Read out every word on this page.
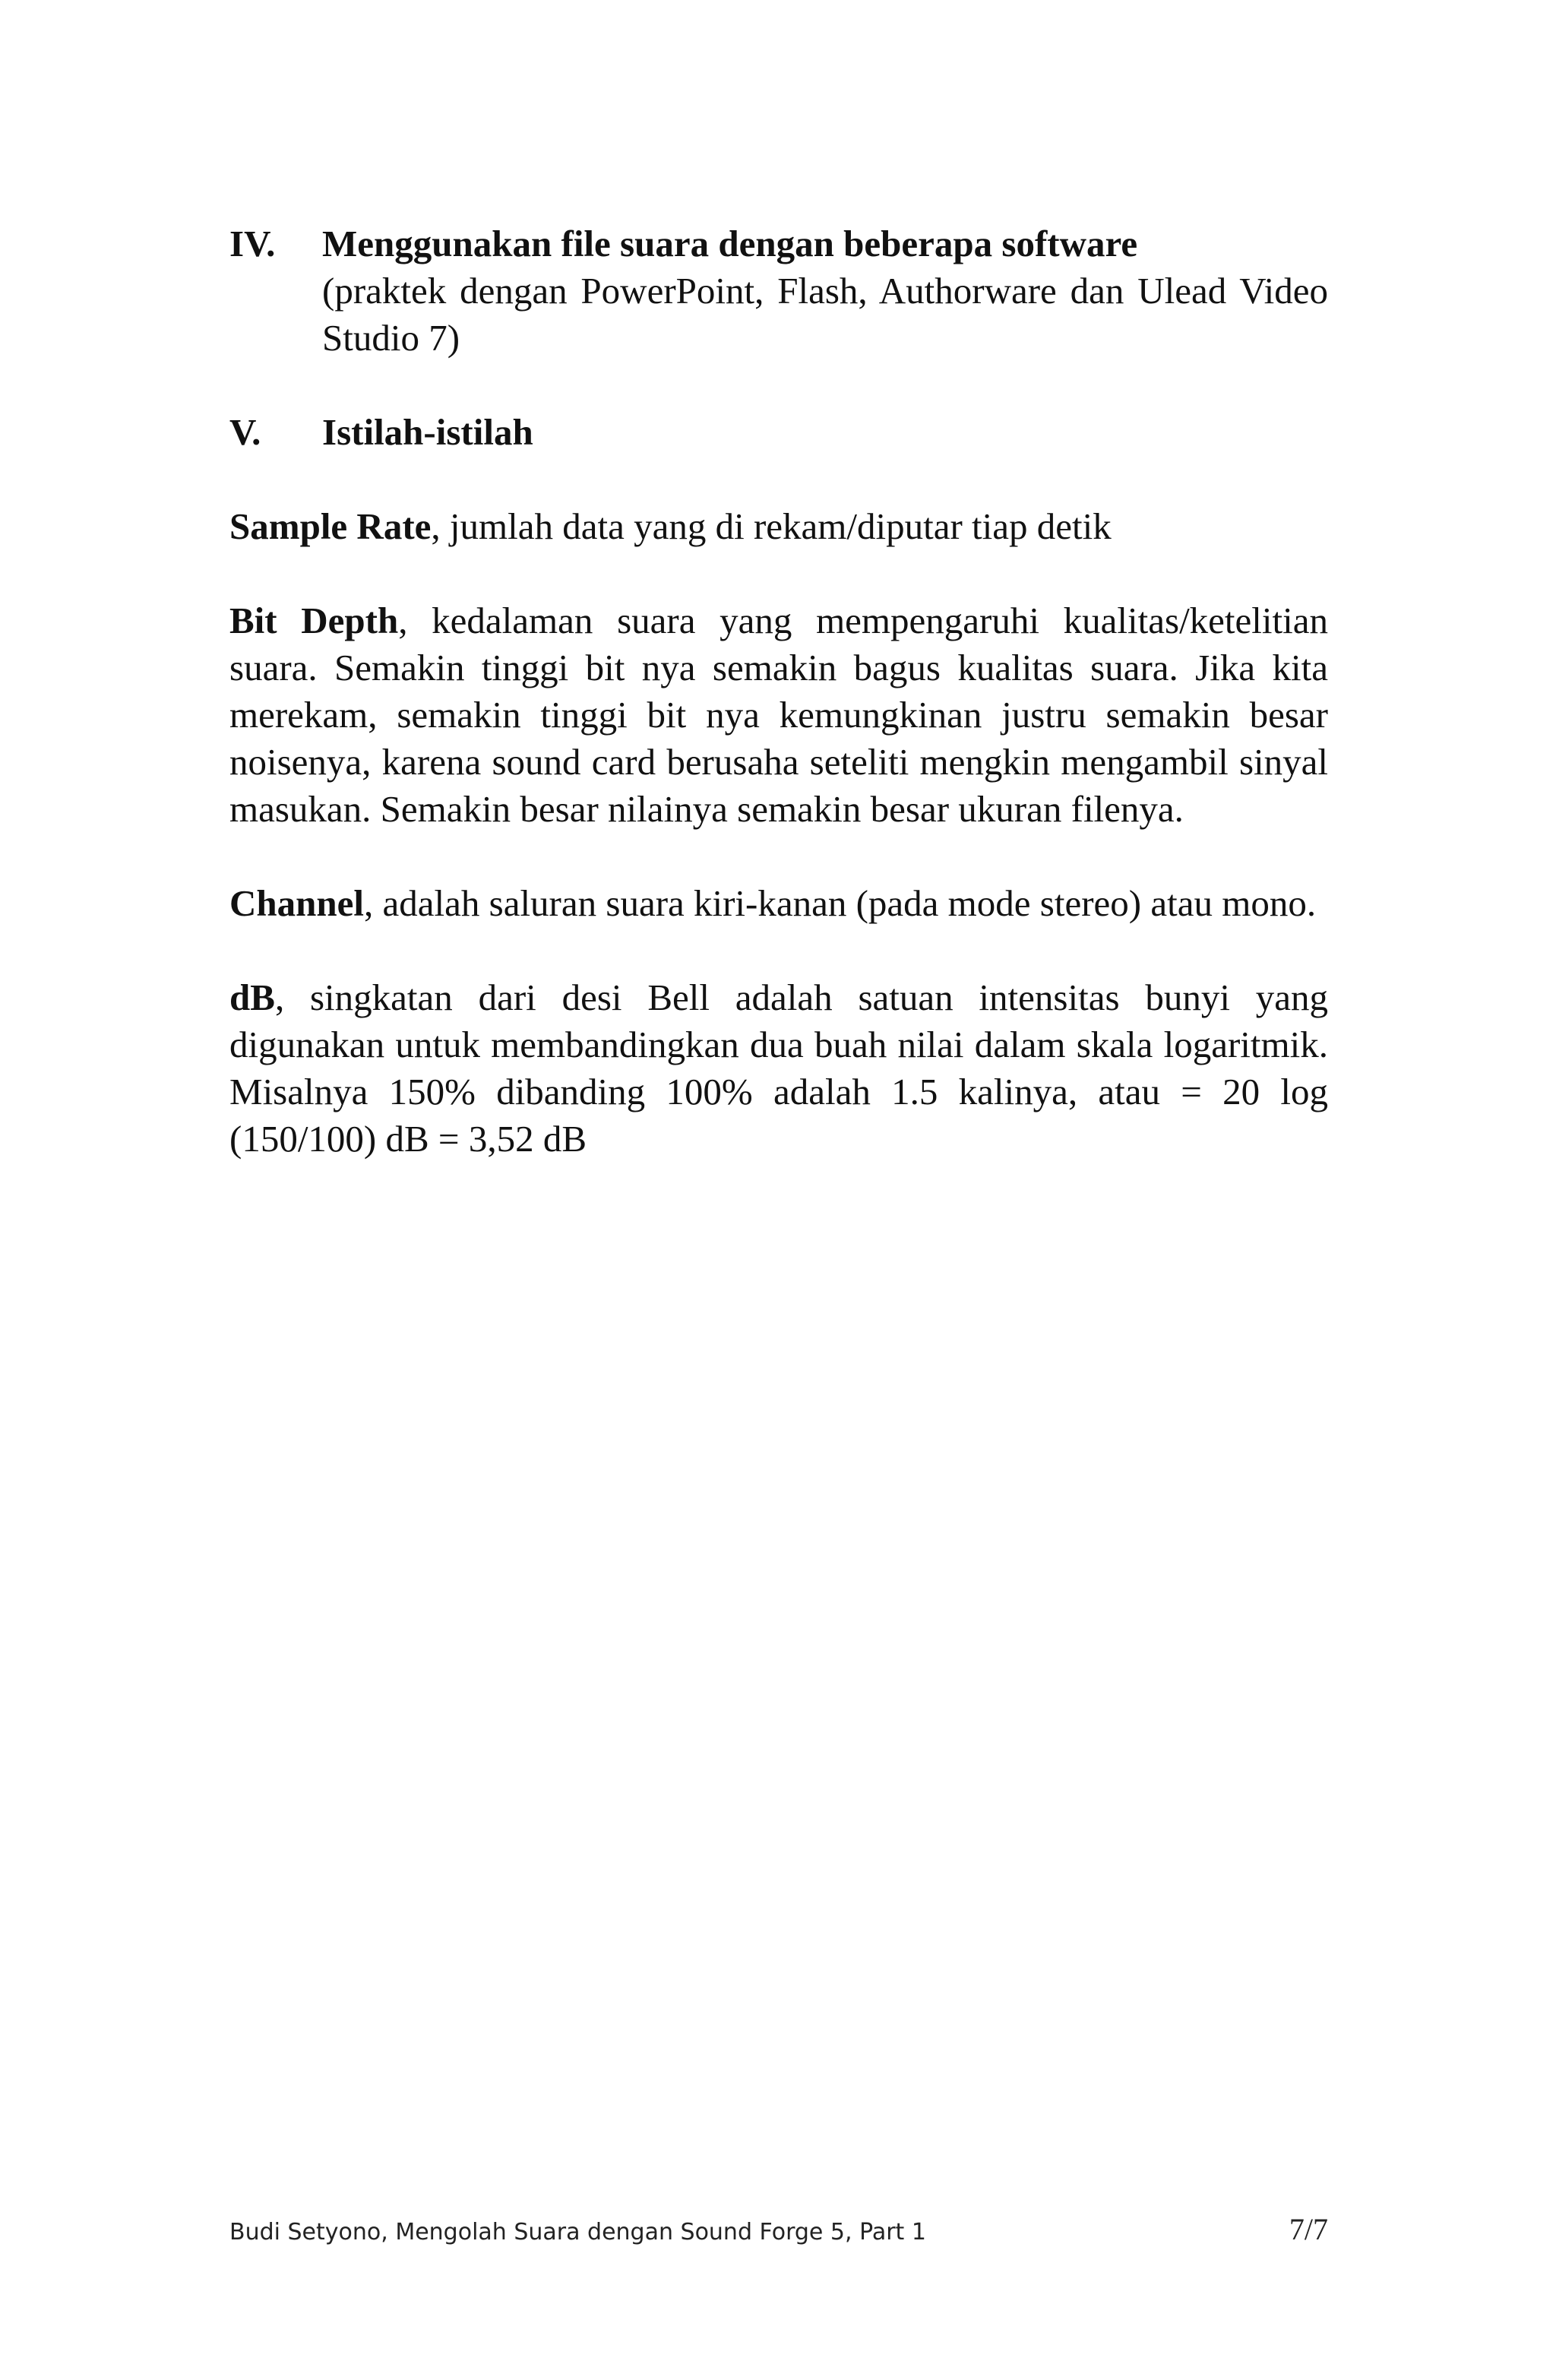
IV.	Menggunakan file suara dengan beberapa software
(praktek dengan PowerPoint, Flash, Authorware dan Ulead Video Studio 7)
V.	Istilah-istilah

Sample Rate, jumlah data yang di rekam/diputar tiap detik

Bit Depth, kedalaman suara yang mempengaruhi kualitas/ketelitian suara. Semakin tinggi bit nya semakin bagus kualitas suara. Jika kita merekam, semakin tinggi bit nya kemungkinan justru semakin besar noisenya, karena sound card berusaha seteliti mengkin mengambil sinyal masukan. Semakin besar nilainya semakin besar ukuran filenya.

Channel, adalah saluran suara kiri-kanan (pada mode stereo) atau mono.

dB, singkatan dari desi Bell adalah satuan intensitas bunyi yang digunakan untuk membandingkan dua buah nilai dalam skala logaritmik. Misalnya 150% dibanding 100% adalah 1.5 kalinya, atau = 20 log (150/100) dB = 3,52 dB

Budi Setyono, Mengolah Suara dengan Sound Forge 5, Part 1	7/7
